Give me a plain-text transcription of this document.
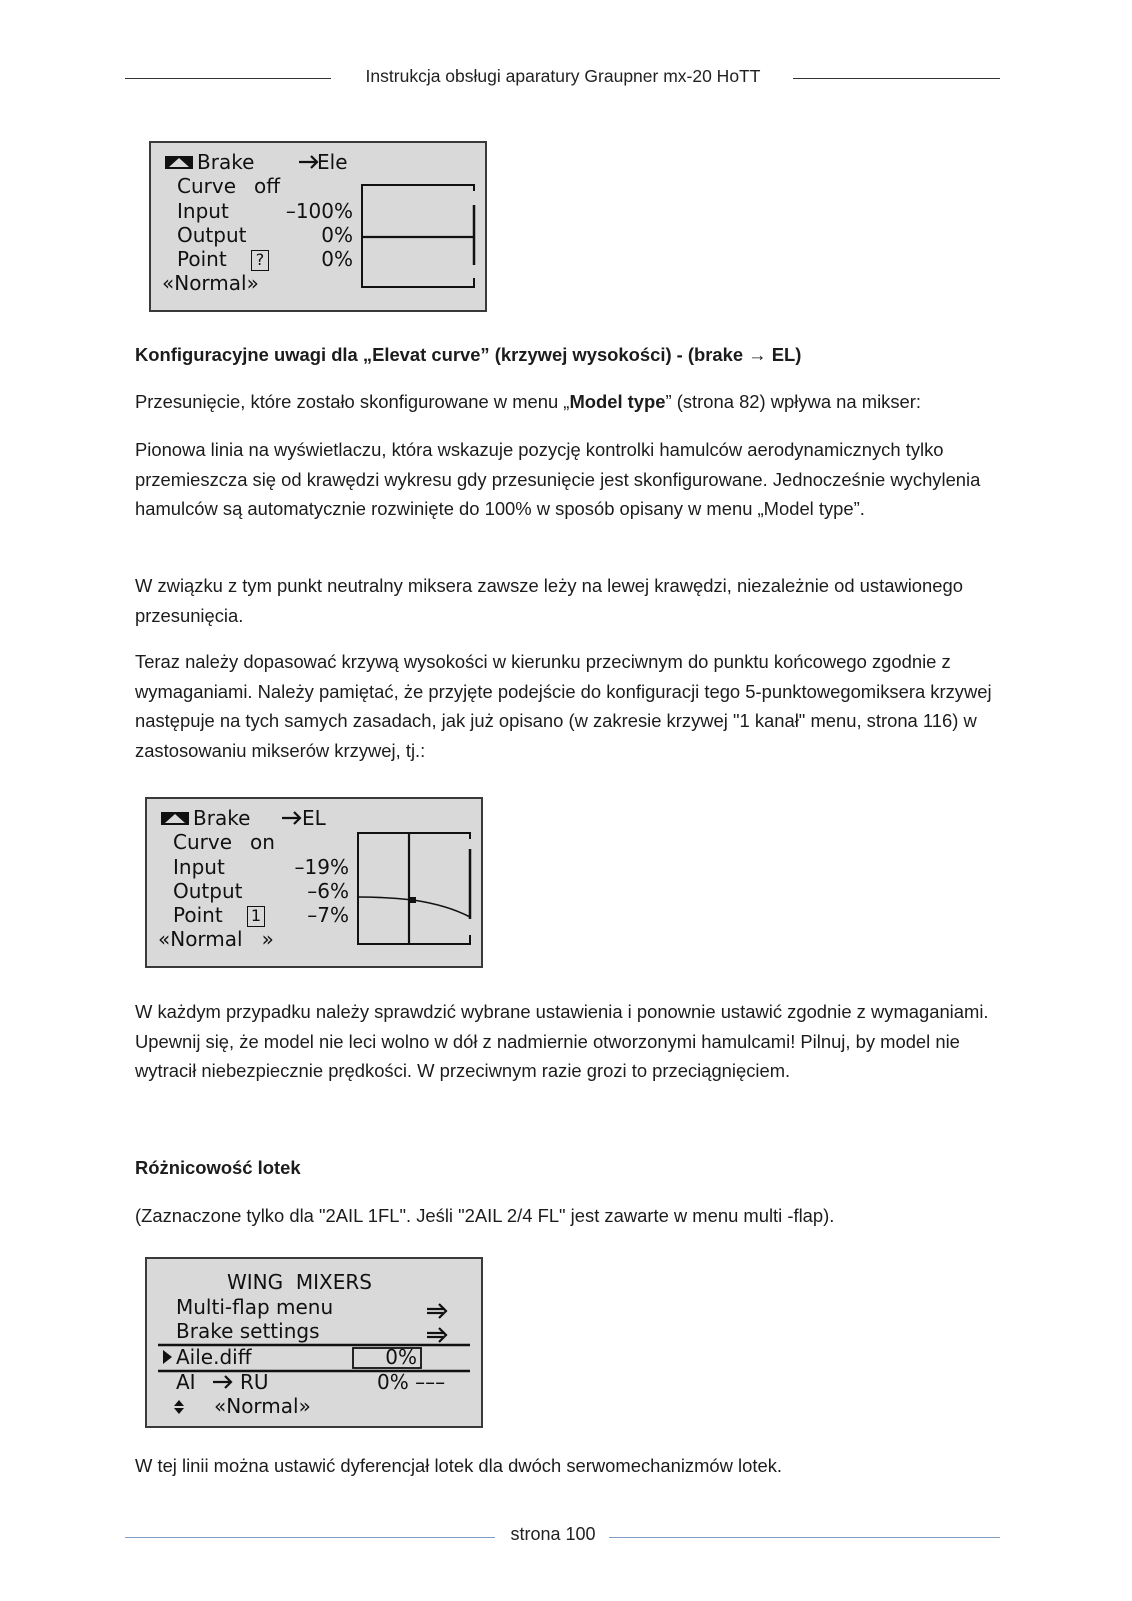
Instrukcja obsługi aparatury Graupner mx-20 HoTT
Brake	Ele
Curve off
Input	–100%
Output	0%
Point ?	0%
«Normal»
Konfiguracyjne uwagi dla „Elevat curve” (krzywej wysokości) - (brake → EL)
Przesunięcie, które zostało skonfigurowane w menu „Model type” (strona 82) wpływa na mikser:
Pionowa linia na wyświetlaczu, która wskazuje pozycję kontrolki hamulców aerodynamicznych tylko przemieszcza się od krawędzi wykresu gdy przesunięcie jest skonfigurowane. Jednocześnie wychylenia hamulców są automatycznie rozwinięte do 100% w sposób opisany w menu „Model type”.
W związku z tym punkt neutralny miksera zawsze leży na lewej krawędzi, niezależnie od ustawionego przesunięcia.
Teraz należy dopasować krzywą wysokości w kierunku przeciwnym do punktu końcowego zgodnie z wymaganiami. Należy pamiętać, że przyjęte podejście do konfiguracji tego 5-punktowegomiksera krzywej następuje na tych samych zasadach, jak już opisano (w zakresie krzywej "1 kanał" menu, strona 116) w zastosowaniu mikserów krzywej, tj.:
Brake	EL
Curve on
Input	–19%
Output	–6%
Point 1	–7%
«Normal   »
W każdym przypadku należy sprawdzić wybrane ustawienia i ponownie ustawić zgodnie z wymaganiami. Upewnij się, że model nie leci wolno w dół z nadmiernie otworzonymi hamulcami! Pilnuj, by model nie wytracił niebezpiecznie prędkości. W przeciwnym razie grozi to przeciągnięciem.
Różnicowość lotek
(Zaznaczone tylko dla "2AIL 1FL". Jeśli "2AIL 2/4 FL" jest zawarte w menu multi -flap).
WING  MIXERS
Multi-flap menu
Brake settings
Aile.diff	0%
AI RU	0% –––
«Normal»
W tej linii można ustawić dyferencjał lotek dla dwóch serwomechanizmów lotek.
strona 100
